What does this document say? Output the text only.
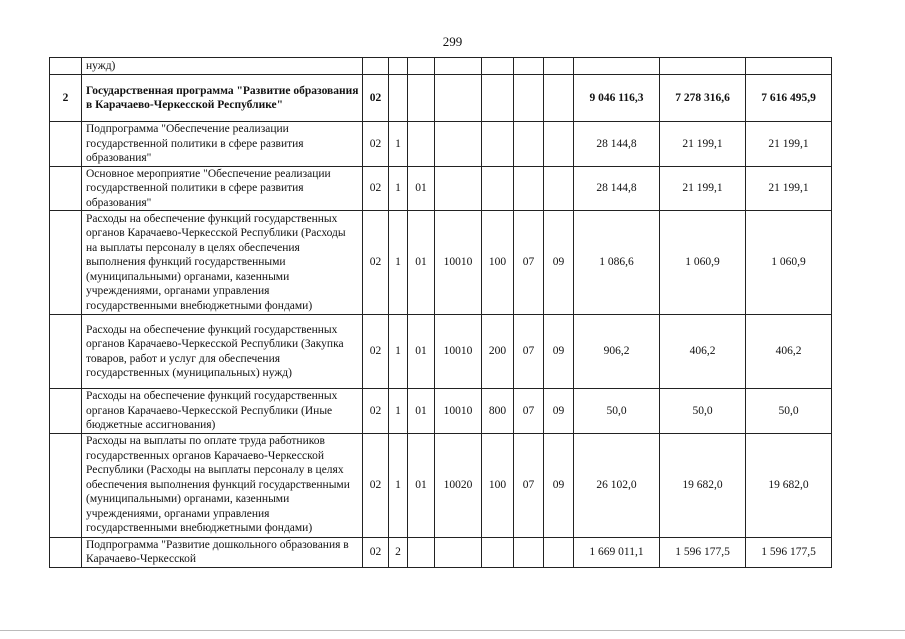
299
	нужд)										
2	Государственная программа "Развитие образования в Карачаево-Черкесской Республике"	02							9 046 116,3	7 278 316,6	7 616 495,9
	Подпрограмма "Обеспечение реализации государственной политики в сфере развития образования"	02	1						28 144,8	21 199,1	21 199,1
	Основное мероприятие "Обеспечение реализации государственной политики в сфере развития образования"	02	1	01					28 144,8	21 199,1	21 199,1
	Расходы на обеспечение функций государственных органов Карачаево-Черкесской Республики (Расходы на выплаты персоналу в целях обеспечения выполнения функций государственными (муниципальными) органами, казенными учреждениями, органами управления государственными внебюджетными фондами)	02	1	01	10010	100	07	09	1 086,6	1 060,9	1 060,9
	Расходы на обеспечение функций государственных органов Карачаево-Черкесской Республики (Закупка товаров, работ и услуг для обеспечения государственных (муниципальных) нужд)	02	1	01	10010	200	07	09	906,2	406,2	406,2
	Расходы на обеспечение функций государственных органов Карачаево-Черкесской Республики (Иные бюджетные ассигнования)	02	1	01	10010	800	07	09	50,0	50,0	50,0
	Расходы на выплаты по оплате труда работников государственных органов Карачаево-Черкесской Республики (Расходы на выплаты персоналу в целях обеспечения выполнения функций государственными (муниципальными) органами, казенными учреждениями, органами управления государственными внебюджетными фондами)	02	1	01	10020	100	07	09	26 102,0	19 682,0	19 682,0
	Подпрограмма "Развитие дошкольного образования в Карачаево-Черкесской	02	2						1 669 011,1	1 596 177,5	1 596 177,5
